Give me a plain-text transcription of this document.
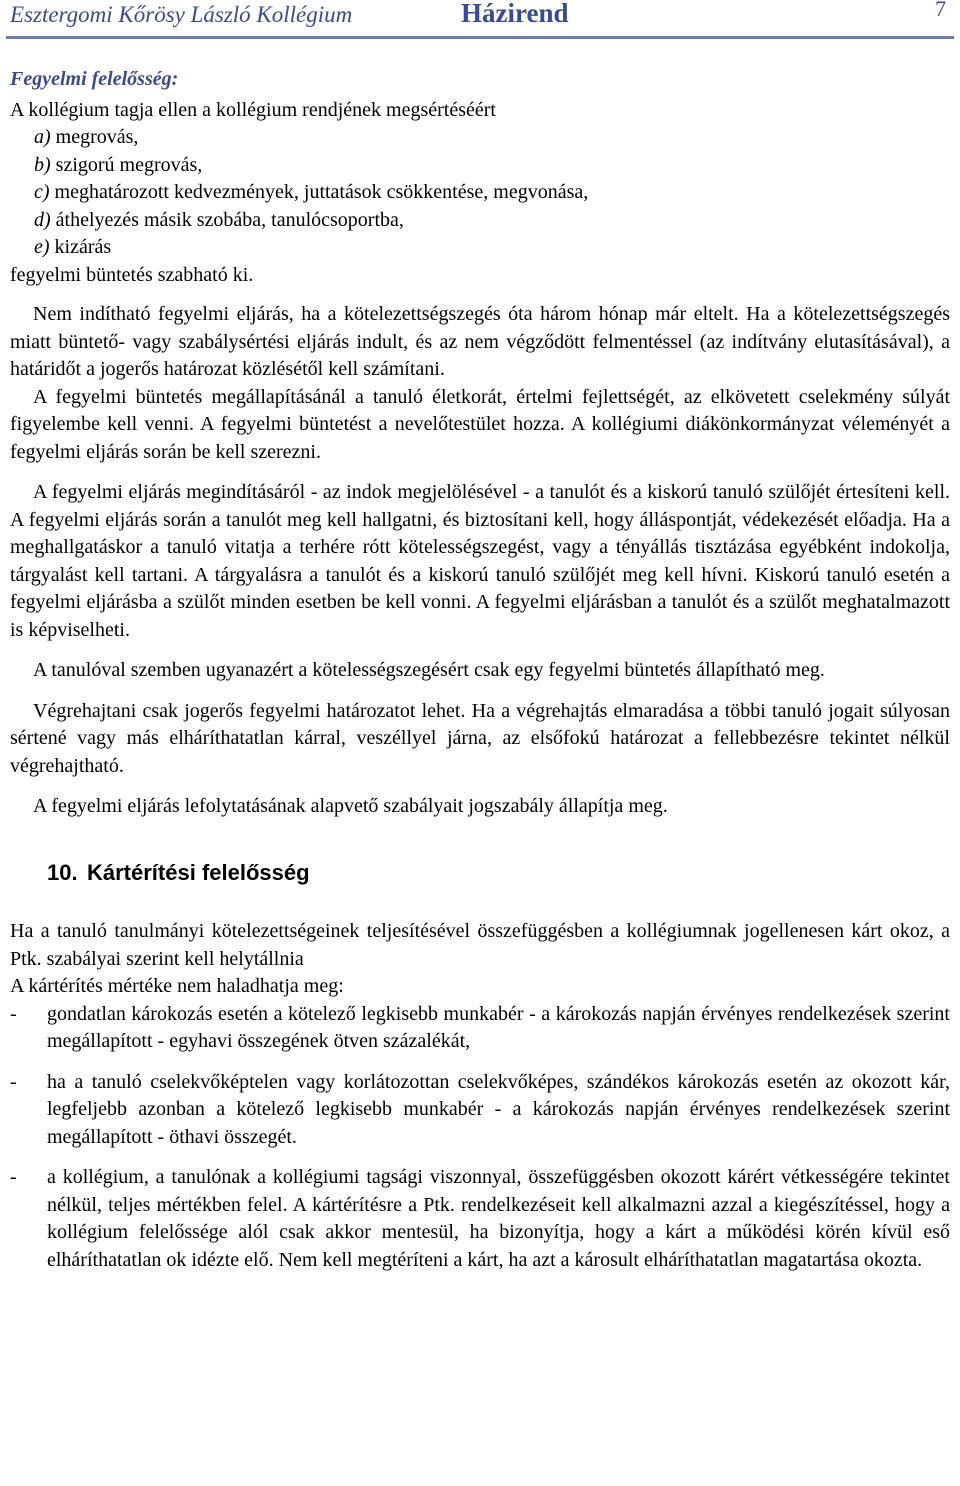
Esztergomi Kőrösy László Kollégium	Házirend	7

Fegyelmi felelősség:

A kollégium tagja ellen a kollégium rendjének megsértéséért

a) megrovás,

b) szigorú megrovás,

c) meghatározott kedvezmények, juttatások csökkentése, megvonása,

d) áthelyezés másik szobába, tanulócsoportba,

e) kizárás

fegyelmi büntetés szabható ki.

Nem indítható fegyelmi eljárás, ha a kötelezettségszegés óta három hónap már eltelt. Ha a kötelezettségszegés miatt büntető- vagy szabálysértési eljárás indult, és az nem végződött felmentéssel (az indítvány elutasításával), a határidőt a jogerős határozat közlésétől kell számítani.

A fegyelmi büntetés megállapításánál a tanuló életkorát, értelmi fejlettségét, az elkövetett cselekmény súlyát figyelembe kell venni. A fegyelmi büntetést a nevelőtestület hozza. A kollégiumi diákönkormányzat véleményét a fegyelmi eljárás során be kell szerezni.

A fegyelmi eljárás megindításáról - az indok megjelölésével - a tanulót és a kiskorú tanuló szülőjét értesíteni kell. A fegyelmi eljárás során a tanulót meg kell hallgatni, és biztosítani kell, hogy álláspontját, védekezését előadja. Ha a meghallgatáskor a tanuló vitatja a terhére rótt kötelességszegést, vagy a tényállás tisztázása egyébként indokolja, tárgyalást kell tartani. A tárgyalásra a tanulót és a kiskorú tanuló szülőjét meg kell hívni. Kiskorú tanuló esetén a fegyelmi eljárásba a szülőt minden esetben be kell vonni. A fegyelmi eljárásban a tanulót és a szülőt meghatalmazott is képviselheti.

A tanulóval szemben ugyanazért a kötelességszegésért csak egy fegyelmi büntetés állapítható meg.

Végrehajtani csak jogerős fegyelmi határozatot lehet. Ha a végrehajtás elmaradása a többi tanuló jogait súlyosan sértené vagy más elháríthatatlan kárral, veszéllyel járna, az elsőfokú határozat a fellebbezésre tekintet nélkül végrehajtható.

A fegyelmi eljárás lefolytatásának alapvető szabályait jogszabály állapítja meg.

10. Kártérítési felelősség

Ha a tanuló tanulmányi kötelezettségeinek teljesítésével összefüggésben a kollégiumnak jogellenesen kárt okoz, a Ptk. szabályai szerint kell helytállnia

A kártérítés mértéke nem haladhatja meg:

-	gondatlan károkozás esetén a kötelező legkisebb munkabér - a károkozás napján érvényes rendelkezések szerint megállapított - egyhavi összegének ötven százalékát,
-	ha a tanuló cselekvőképtelen vagy korlátozottan cselekvőképes, szándékos károkozás esetén az okozott kár, legfeljebb azonban a kötelező legkisebb munkabér - a károkozás napján érvényes rendelkezések szerint megállapított - öthavi összegét.
-	a kollégium, a tanulónak a kollégiumi tagsági viszonnyal, összefüggésben okozott kárért vétkességére tekintet nélkül, teljes mértékben felel. A kártérítésre a Ptk. rendelkezéseit kell alkalmazni azzal a kiegészítéssel, hogy a kollégium felelőssége alól csak akkor mentesül, ha bizonyítja, hogy a kárt a működési körén kívül eső elháríthatatlan ok idézte elő. Nem kell megtéríteni a kárt, ha azt a károsult elháríthatatlan magatartása okozta.
